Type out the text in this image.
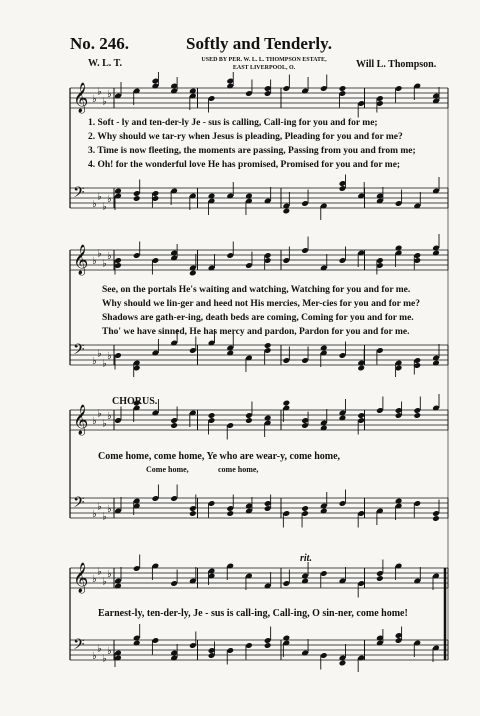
No. 246.	Softly and Tenderly.
W. L. T.	USED BY PER. W. L. L. THOMPSON ESTATE,
EAST LIVERPOOL, O.	Will L. Thompson.
𝄞 ♭
♭
♭
♭
𝄢 ♭
♭
♭
♭
𝄞 ♭
♭
♭
♭
𝄢 ♭
♭
♭
♭
𝄞 ♭
♭
♭
♭
𝄢 ♭
♭
♭
♭
𝄞 ♭
♭
♭
♭
𝄢 ♭
♭
♭
♭
1. Soft - ly and ten-der-ly Je - sus is calling, Call-ing for you and for me;
2. Why should we tar-ry when Jesus is pleading, Pleading for you and for me?
3. Time is now fleeting, the moments are passing, Passing from you and from me;
4. Oh! for the wonderful love He has promised, Promised for you and for me;
See, on the portals He's waiting and watching, Watching for you and for me.
Why should we lin-ger and heed not His mercies, Mer-cies for you and for me?
Shadows are gath-er-ing, death beds are coming, Coming for you and for me.
Tho' we have sinned, He has mercy and pardon, Pardon for you and for me.
CHORUS.
Come home, come home, Ye who are wear-y, come home,
Come home,	come home,
rit.
Earnest-ly, ten-der-ly, Je - sus is call-ing, Call-ing, O sin-ner, come home!
